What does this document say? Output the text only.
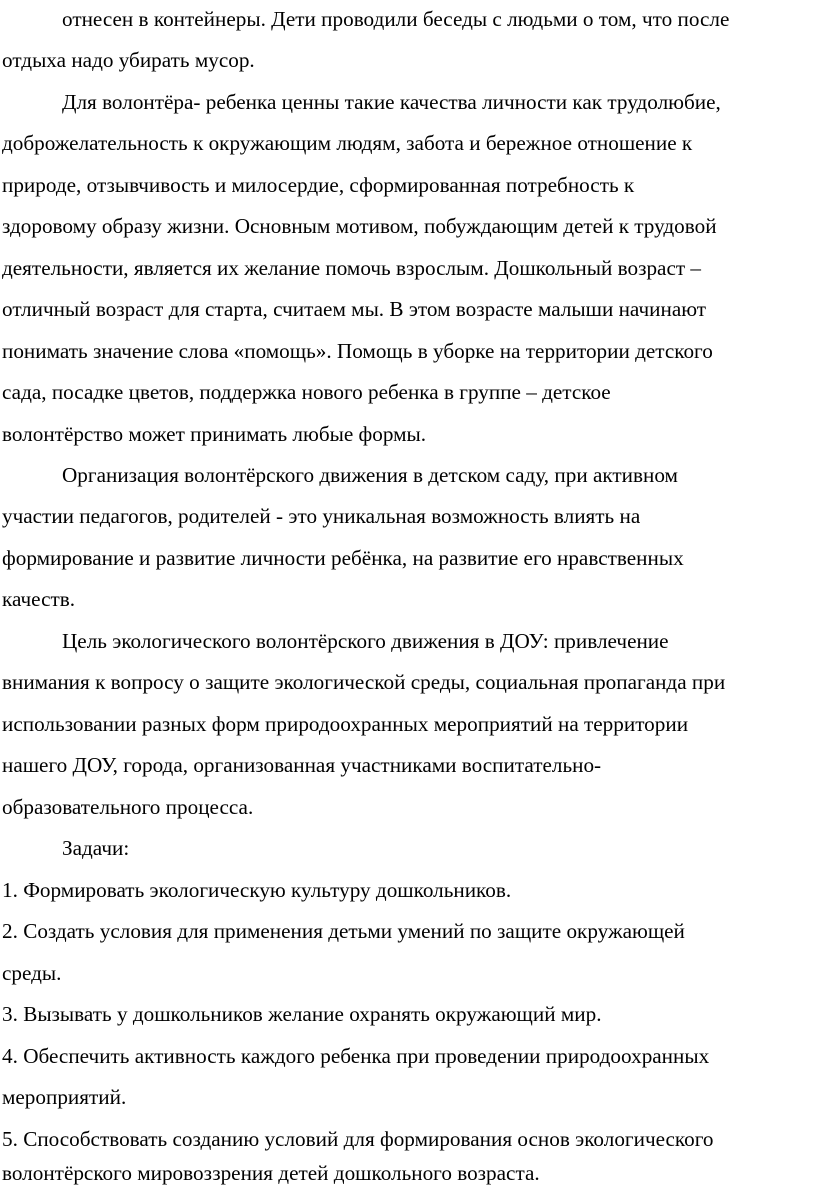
отнесен в контейнеры. Дети проводили беседы с людьми о том, что после
отдыха надо убирать мусор.
Для волонтёра- ребенка ценны такие качества личности как трудолюбие,
доброжелательность к окружающим людям, забота и бережное отношение к
природе, отзывчивость и милосердие, сформированная потребность к
здоровому образу жизни. Основным мотивом, побуждающим детей к трудовой
деятельности, является их желание помочь взрослым. Дошкольный возраст –
отличный возраст для старта, считаем мы. В этом возрасте малыши начинают
понимать значение слова «помощь». Помощь в уборке на территории детского
сада, посадке цветов, поддержка нового ребенка в группе – детское
волонтёрство может принимать любые формы.
Организация волонтёрского движения в детском саду, при активном
участии педагогов, родителей - это уникальная возможность влиять на
формирование и развитие личности ребёнка, на развитие его нравственных
качеств.
Цель экологического волонтёрского движения в ДОУ: привлечение
внимания к вопросу о защите экологической среды, социальная пропаганда при
использовании разных форм природоохранных мероприятий на территории
нашего ДОУ, города, организованная участниками воспитательно-
образовательного процесса.
Задачи:
1. Формировать экологическую культуру дошкольников.
2. Создать условия для применения детьми умений по защите окружающей
среды.
3. Вызывать у дошкольников желание охранять окружающий мир.
4. Обеспечить активность каждого ребенка при проведении природоохранных
мероприятий.
5. Способствовать созданию условий для формирования основ экологического
волонтёрского мировоззрения детей дошкольного возраста.
